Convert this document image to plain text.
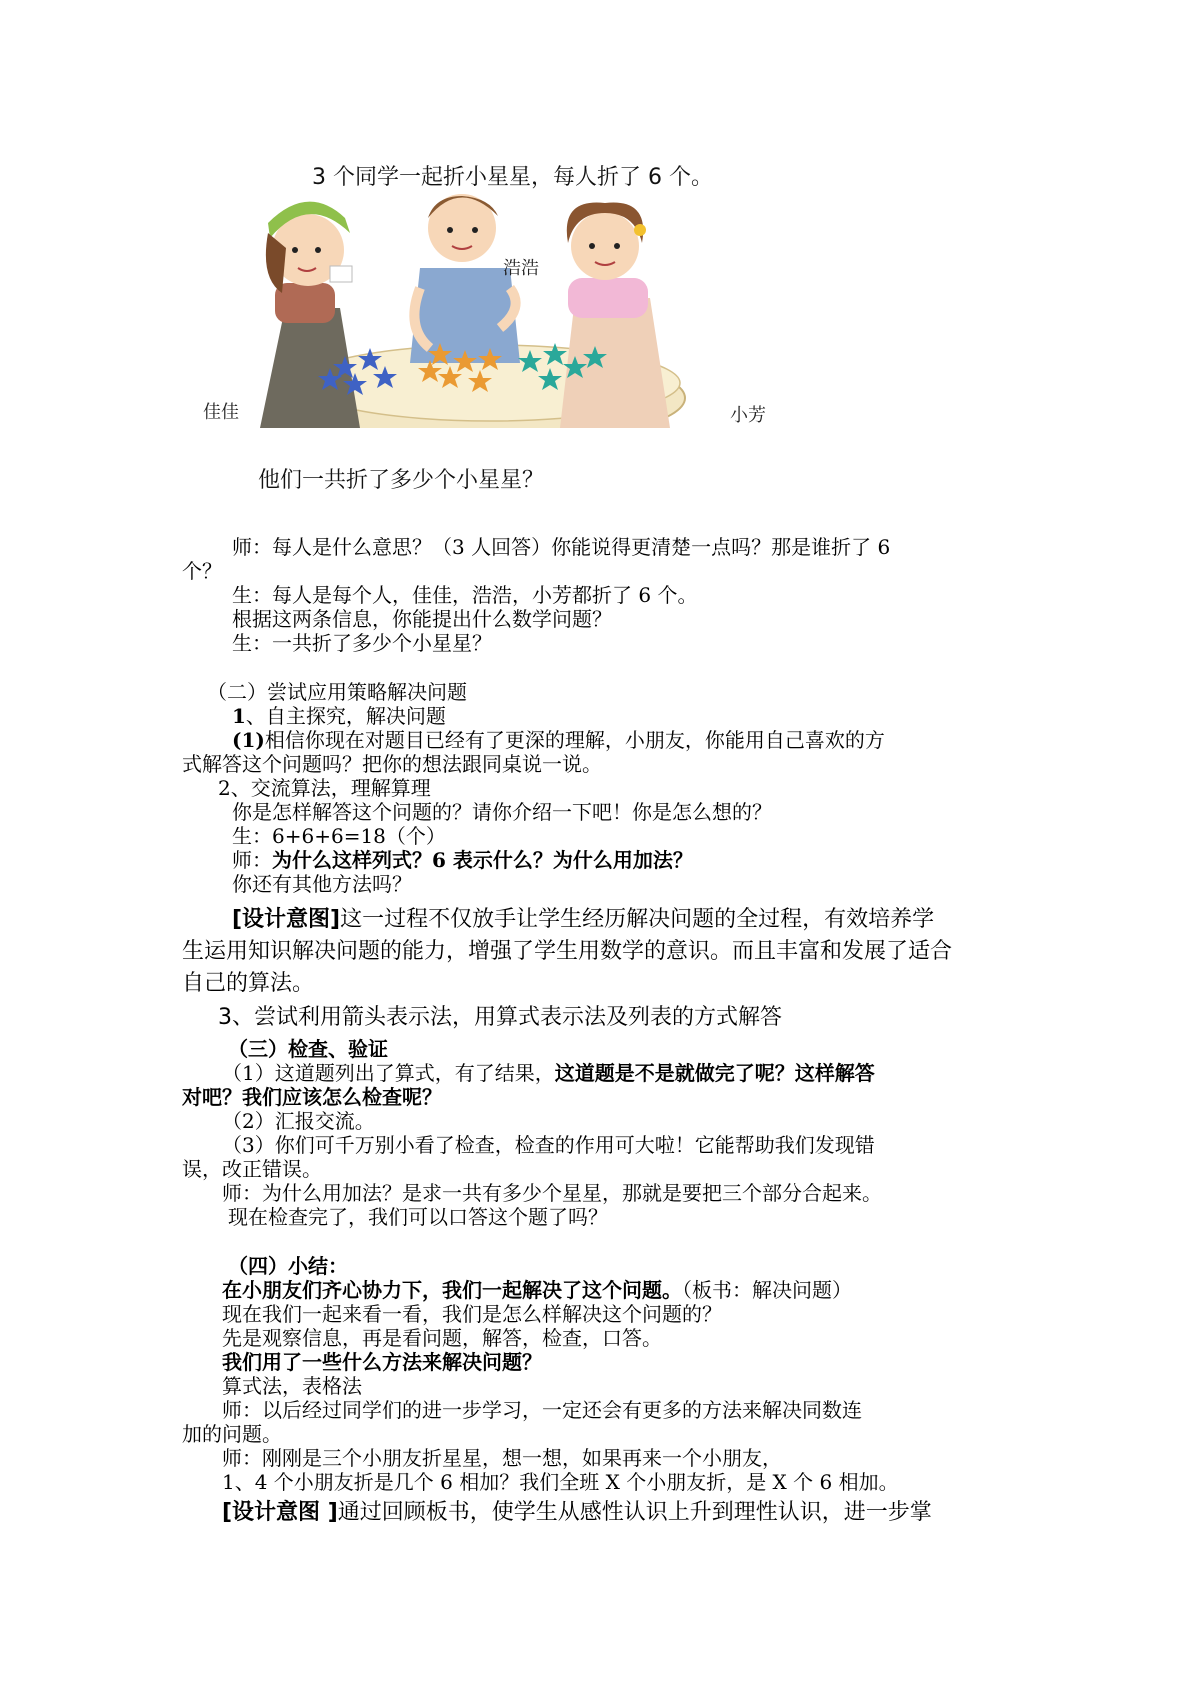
3 个同学一起折小星星，每人折了 6 个。
佳佳
浩浩
小芳
他们一共折了多少个小星星？
师：每人是什么意思？（3 人回答）你能说得更清楚一点吗？那是谁折了 6
个？
生：每人是每个人，佳佳，浩浩，小芳都折了 6 个。
根据这两条信息，你能提出什么数学问题？
生：一共折了多少个小星星？
（二）尝试应用策略解决问题
1、自主探究，解决问题
(1)相信你现在对题目已经有了更深的理解，小朋友，你能用自己喜欢的方
式解答这个问题吗？把你的想法跟同桌说一说。
2、交流算法，理解算理
你是怎样解答这个问题的？请你介绍一下吧！你是怎么想的？
生：6+6+6=18（个）
师：为什么这样列式？6 表示什么？为什么用加法？
你还有其他方法吗？
[设计意图]这一过程不仅放手让学生经历解决问题的全过程，有效培养学
生运用知识解决问题的能力，增强了学生用数学的意识。而且丰富和发展了适合
自己的算法。
3、尝试利用箭头表示法，用算式表示法及列表的方式解答
（三）检查、验证
（1）这道题列出了算式，有了结果，这道题是不是就做完了呢？这样解答
对吧？我们应该怎么检查呢？
（2）汇报交流。
（3）你们可千万别小看了检查，检查的作用可大啦！它能帮助我们发现错
误，改正错误。
师：为什么用加法？是求一共有多少个星星，那就是要把三个部分合起来。
现在检查完了，我们可以口答这个题了吗？
（四）小结：
在小朋友们齐心协力下，我们一起解决了这个问题。（板书：解决问题）
现在我们一起来看一看，我们是怎么样解决这个问题的？
先是观察信息，再是看问题，解答，检查，口答。
我们用了一些什么方法来解决问题？
算式法，表格法
师：以后经过同学们的进一步学习，一定还会有更多的方法来解决同数连
加的问题。
师：刚刚是三个小朋友折星星，想一想，如果再来一个小朋友，
1、4 个小朋友折是几个 6 相加？我们全班 X 个小朋友折，是 X 个 6 相加。
[设计意图 ]通过回顾板书，使学生从感性认识上升到理性认识，进一步掌
